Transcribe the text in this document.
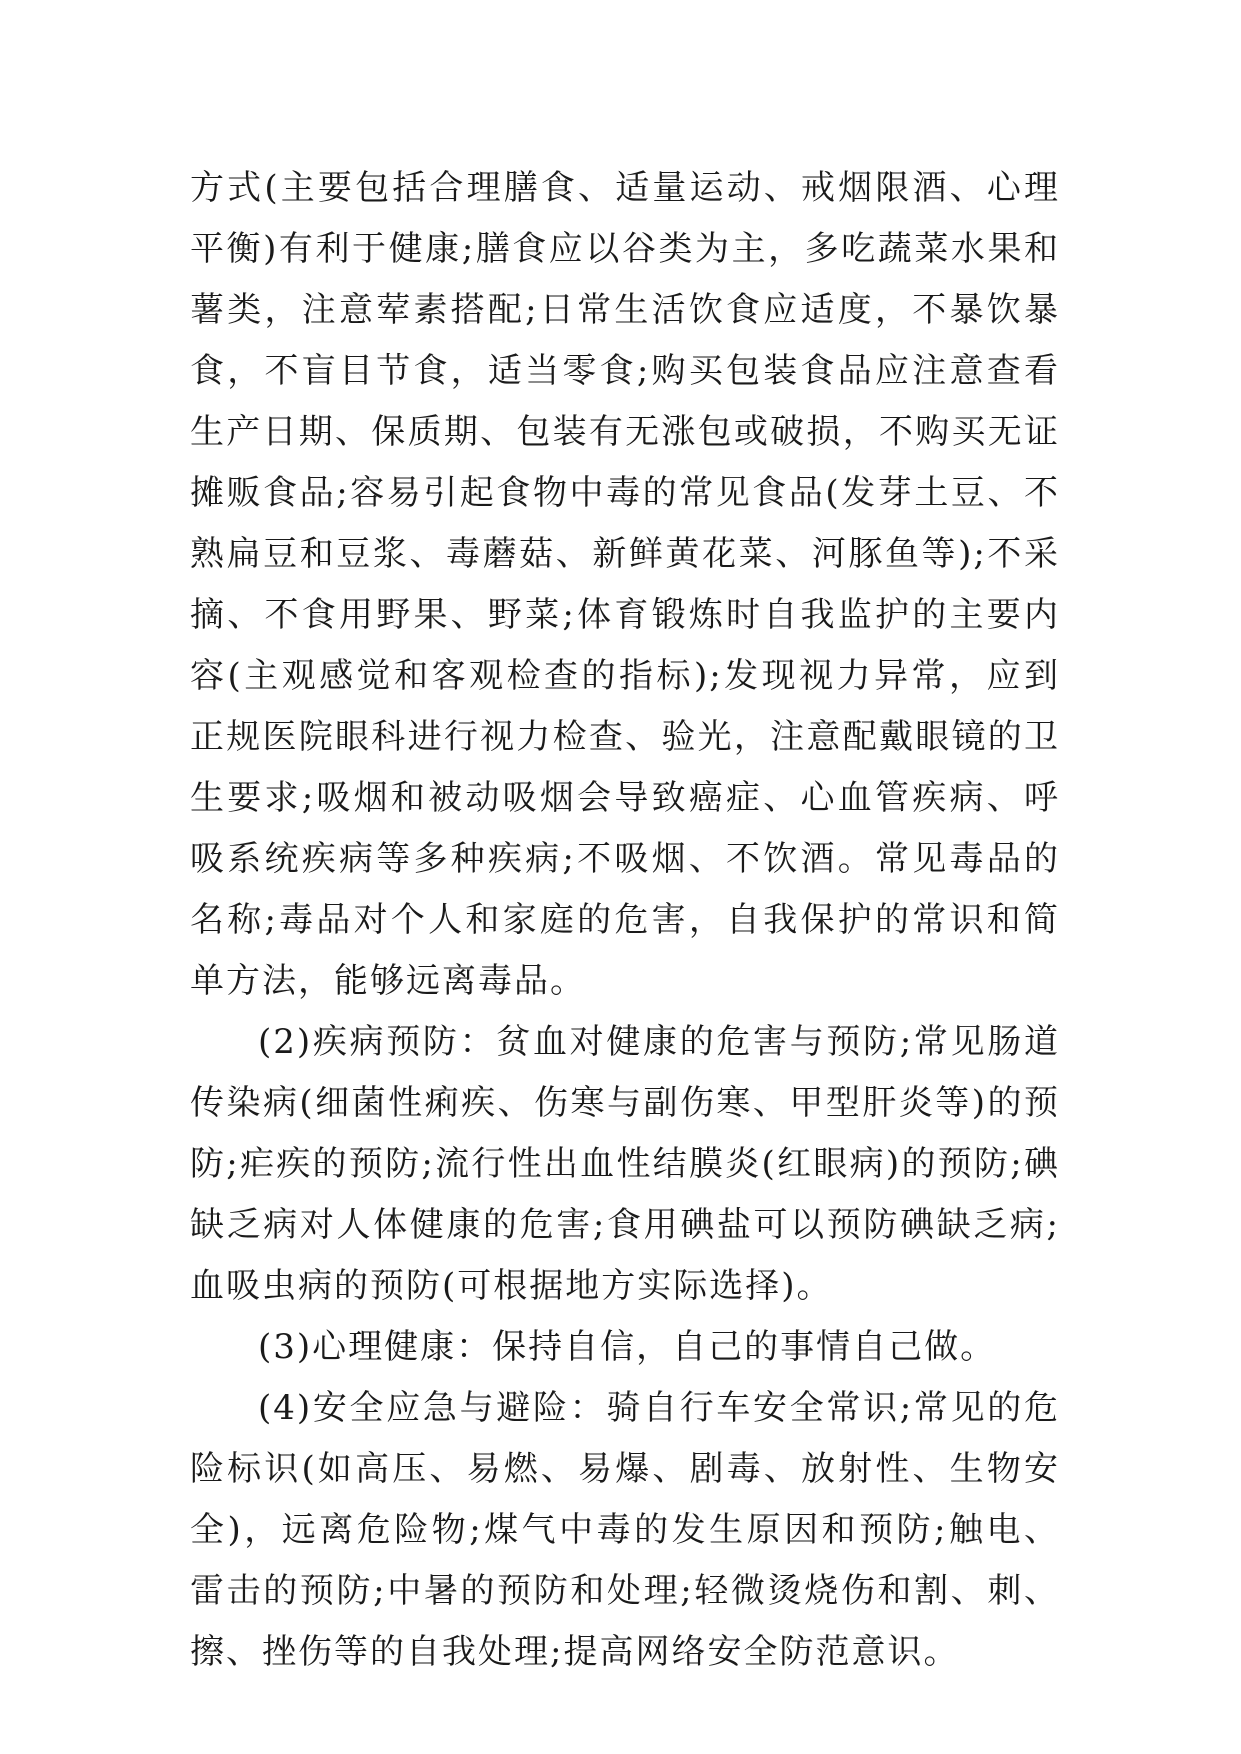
方式(主要包括合理膳食、适量运动、戒烟限酒、心理平衡)有利于健康;膳食应以谷类为主，多吃蔬菜水果和薯类，注意荤素搭配;日常生活饮食应适度，不暴饮暴食，不盲目节食，适当零食;购买包装食品应注意查看生产日期、保质期、包装有无涨包或破损，不购买无证摊贩食品;容易引起食物中毒的常见食品(发芽土豆、不熟扁豆和豆浆、毒蘑菇、新鲜黄花菜、河豚鱼等);不采摘、不食用野果、野菜;体育锻炼时自我监护的主要内容(主观感觉和客观检查的指标);发现视力异常，应到正规医院眼科进行视力检查、验光，注意配戴眼镜的卫生要求;吸烟和被动吸烟会导致癌症、心血管疾病、呼吸系统疾病等多种疾病;不吸烟、不饮酒。常见毒品的名称;毒品对个人和家庭的危害，自我保护的常识和简单方法，能够远离毒品。

(2)疾病预防：贫血对健康的危害与预防;常见肠道传染病(细菌性痢疾、伤寒与副伤寒、甲型肝炎等)的预防;疟疾的预防;流行性出血性结膜炎(红眼病)的预防;碘缺乏病对人体健康的危害;食用碘盐可以预防碘缺乏病;血吸虫病的预防(可根据地方实际选择)。

(3)心理健康：保持自信，自己的事情自己做。

(4)安全应急与避险：骑自行车安全常识;常见的危险标识(如高压、易燃、易爆、剧毒、放射性、生物安全)，远离危险物;煤气中毒的发生原因和预防;触电、雷击的预防;中暑的预防和处理;轻微烫烧伤和割、刺、擦、挫伤等的自我处理;提高网络安全防范意识。
